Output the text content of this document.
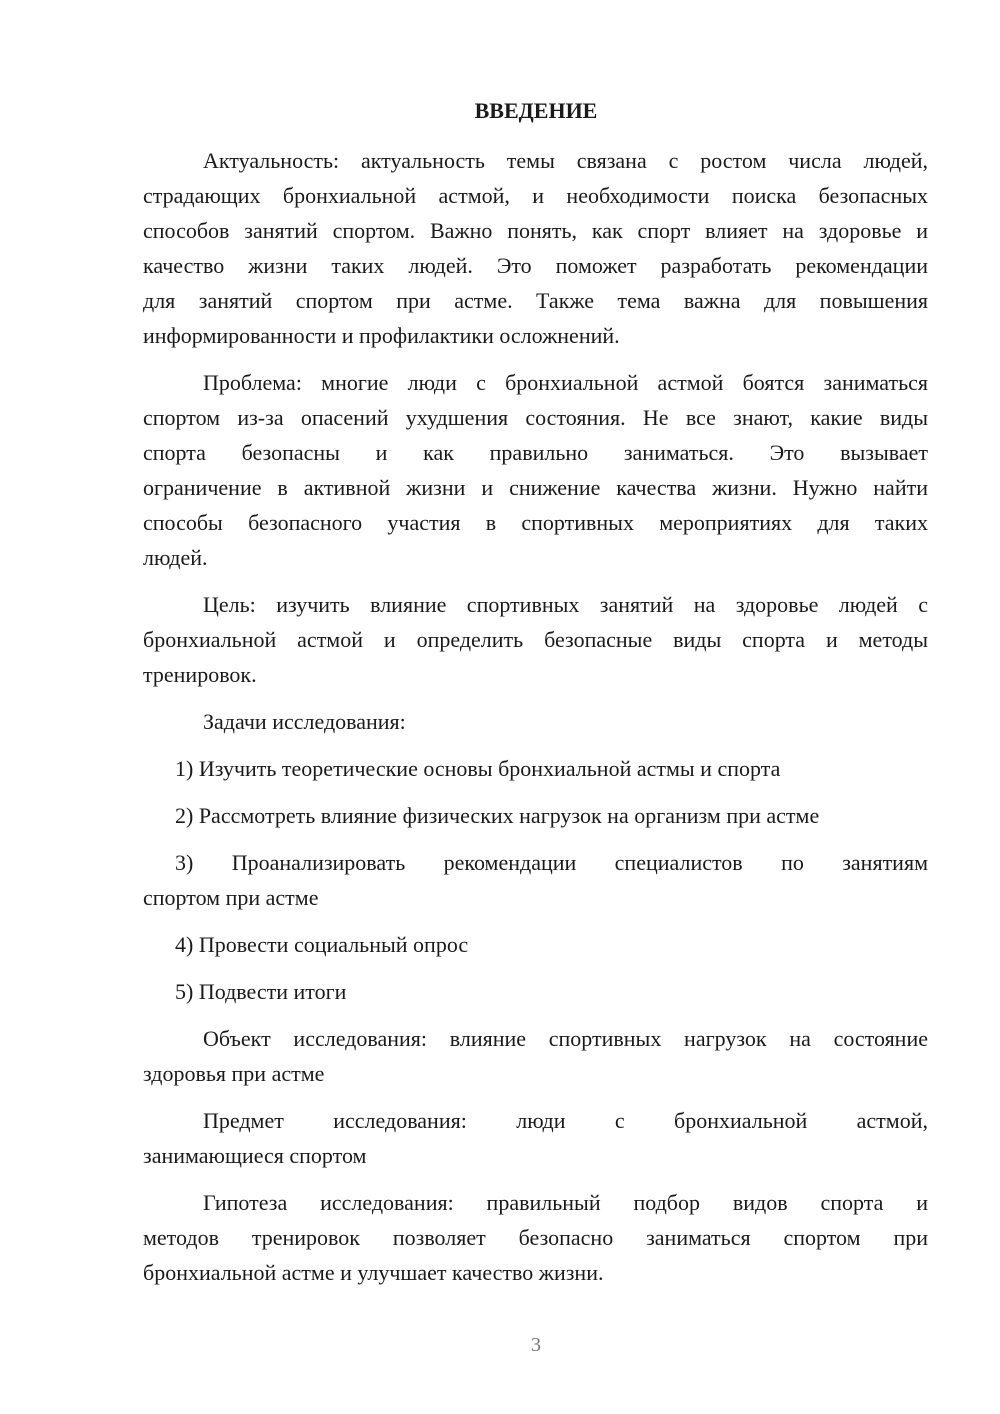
ВВЕДЕНИЕ
Актуальность: актуальность темы связана с ростом числа людей,
страдающих бронхиальной астмой, и необходимости поиска безопасных
способов занятий спортом. Важно понять, как спорт влияет на здоровье и
качество жизни таких людей. Это поможет разработать рекомендации
для занятий спортом при астме. Также тема важна для повышения
информированности и профилактики осложнений.
Проблема: многие люди с бронхиальной астмой боятся заниматься
спортом из-за опасений ухудшения состояния. Не все знают, какие виды
спорта безопасны и как правильно заниматься. Это вызывает
ограничение в активной жизни и снижение качества жизни. Нужно найти
способы безопасного участия в спортивных мероприятиях для таких
людей.
Цель: изучить влияние спортивных занятий на здоровье людей с
бронхиальной астмой и определить безопасные виды спорта и методы
тренировок.
Задачи исследования:
1) Изучить теоретические основы бронхиальной астмы и спорта
2) Рассмотреть влияние физических нагрузок на организм при астме
3) Проанализировать рекомендации специалистов по занятиям
спортом при астме
4) Провести социальный опрос
5) Подвести итоги
Объект исследования: влияние спортивных нагрузок на состояние
здоровья при астме
Предмет исследования: люди с бронхиальной астмой,
занимающиеся спортом
Гипотеза исследования: правильный подбор видов спорта и
методов тренировок позволяет безопасно заниматься спортом при
бронхиальной астме и улучшает качество жизни.
3
